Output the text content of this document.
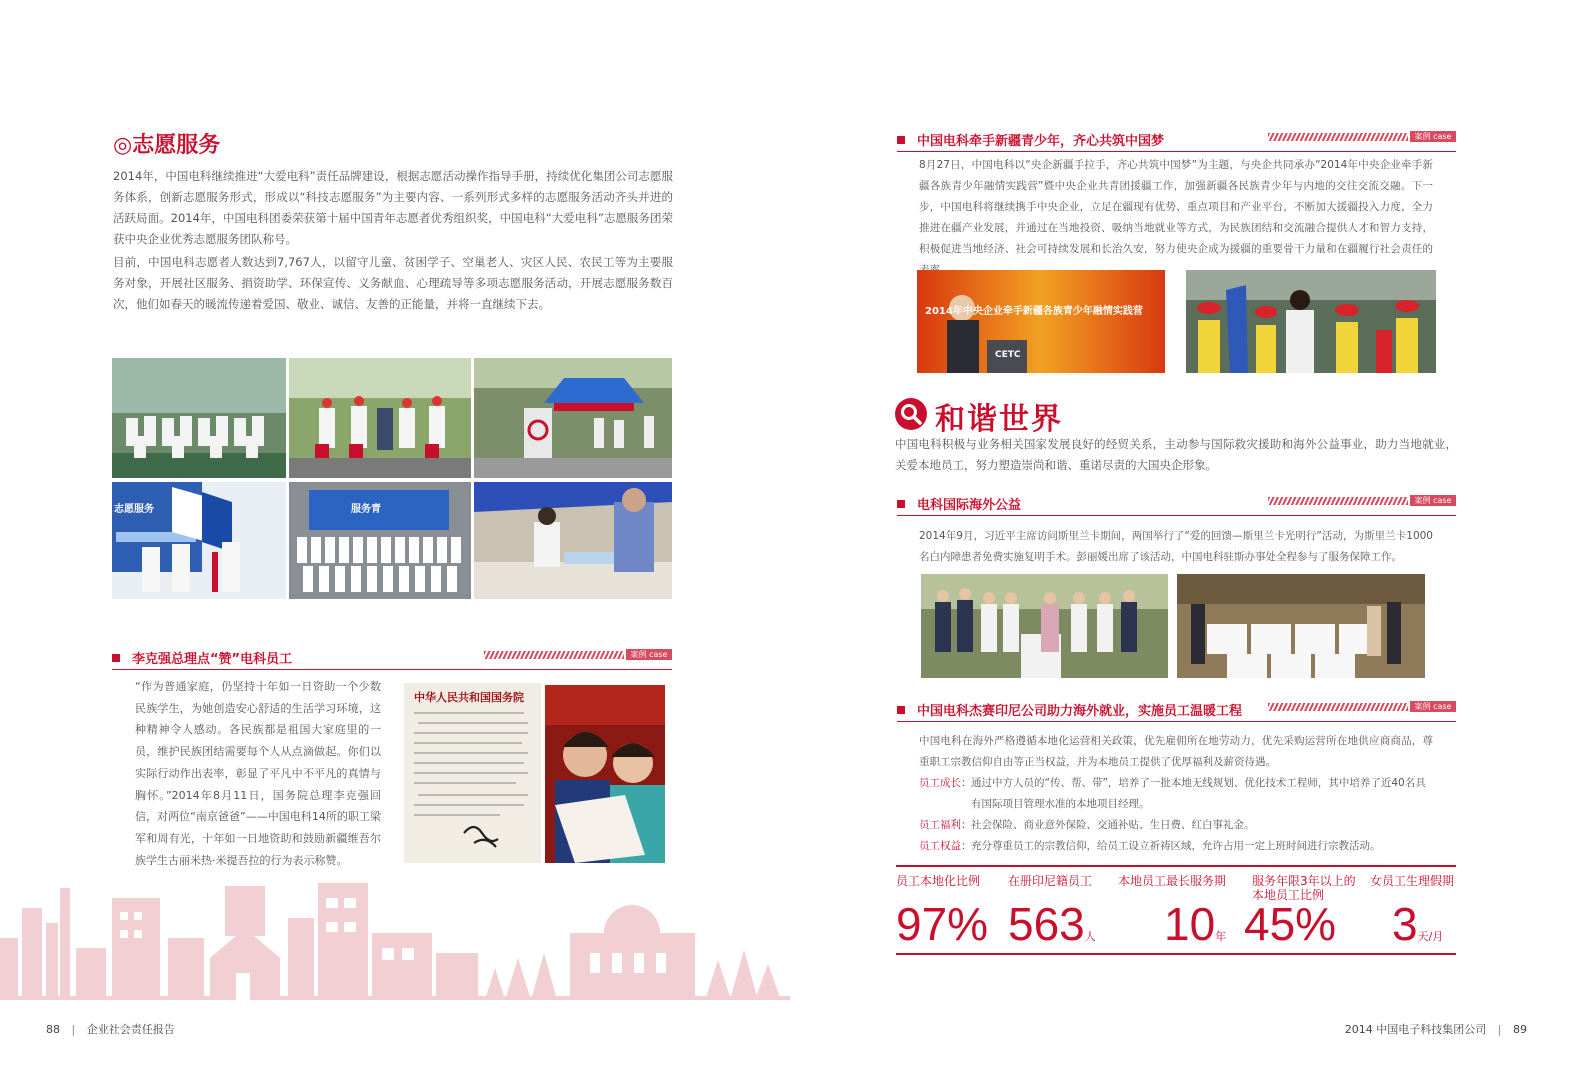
◎志愿服务
2014年，中国电科继续推进“大爱电科”责任品牌建设，根据志愿活动操作指导手册，持续优化集团公司志愿服务体系，创新志愿服务形式，形成以“科技志愿服务”为主要内容、一系列形式多样的志愿服务活动齐头并进的活跃局面。2014年，中国电科团委荣获第十届中国青年志愿者优秀组织奖，中国电科“大爱电科”志愿服务团荣获中央企业优秀志愿服务团队称号。
目前，中国电科志愿者人数达到7,767人，以留守儿童、贫困学子、空巢老人、灾区人民、农民工等为主要服务对象，开展社区服务、捐资助学、环保宣传、义务献血、心理疏导等多项志愿服务活动，开展志愿服务数百次，他们如春天的暖流传递着爱国、敬业、诚信、友善的正能量，并将一直继续下去。
志愿服务	服务青
李克强总理点“赞”电科员工	案例 case
“作为普通家庭，仍坚持十年如一日资助一个少数民族学生，为她创造安心舒适的生活学习环境，这种精神令人感动。各民族都是祖国大家庭里的一员，维护民族团结需要每个人从点滴做起。你们以实际行动作出表率，彰显了平凡中不平凡的真情与胸怀。”2014年8月11日，国务院总理李克强回信，对两位“南京爸爸”——中国电科14所的职工梁军和周有光，十年如一日地资助和鼓励新疆维吾尔族学生古丽米热·米提吾拉的行为表示称赞。
中华人民共和国国务院
88 | 企业社会责任报告
中国电科牵手新疆青少年，齐心共筑中国梦	案例 case
8月27日，中国电科以“央企新疆手拉手，齐心共筑中国梦”为主题，与央企共同承办“2014年中央企业牵手新疆各族青少年融情实践营”暨中央企业共青团援疆工作，加强新疆各民族青少年与内地的交往交流交融。下一步，中国电科将继续携手中央企业，立足在疆现有优势、重点项目和产业平台，不断加大援疆投入力度，全力推进在疆产业发展，并通过在当地投资、吸纳当地就业等方式，为民族团结和交流融合提供人才和智力支持，积极促进当地经济、社会可持续发展和长治久安，努力使央企成为援疆的重要骨干力量和在疆履行社会责任的
2014年中央企业牵手新疆各族青少年融情实践营
CETC
和谐世界
中国电科积极与业务相关国家发展良好的经贸关系，主动参与国际救灾援助和海外公益事业，助力当地就业，关爱本地员工，努力塑造崇尚和谐、重诺尽责的大国央企形象。
电科国际海外公益	案例 case
2014年9月，习近平主席访问斯里兰卡期间，两国举行了“爱的回馈—斯里兰卡光明行”活动，为斯里兰卡1000名白内障患者免费实施复明手术。彭丽媛出席了该活动，中国电科驻斯办事处全程参与了服务保障工作。
中国电科杰赛印尼公司助力海外就业，实施员工温暖工程	案例 case
中国电科在海外严格遵循本地化运营相关政策，优先雇佣所在地劳动力，优先采购运营所在地供应商商品，尊重职工宗教信仰自由等正当权益，并为本地员工提供了优厚福利及薪资待遇。
员工成长： 通过中方人员的“传、帮、带”，培养了一批本地无线规划、优化技术工程师，其中培养了近40名具有国际项目管理水准的本地项目经理。
员工福利： 社会保险、商业意外保险、交通补贴、生日费、红白事礼金。
员工权益： 充分尊重员工的宗教信仰，给员工设立祈祷区域，允许占用一定上班时间进行宗教活动。
员工本地化比例
97%
在册印尼籍员工
563人
本地员工最长服务期
10年
服务年限3年以上的本地员工比例
45%
女员工生理假期
3天/月
2014 中国电子科技集团公司 | 89
